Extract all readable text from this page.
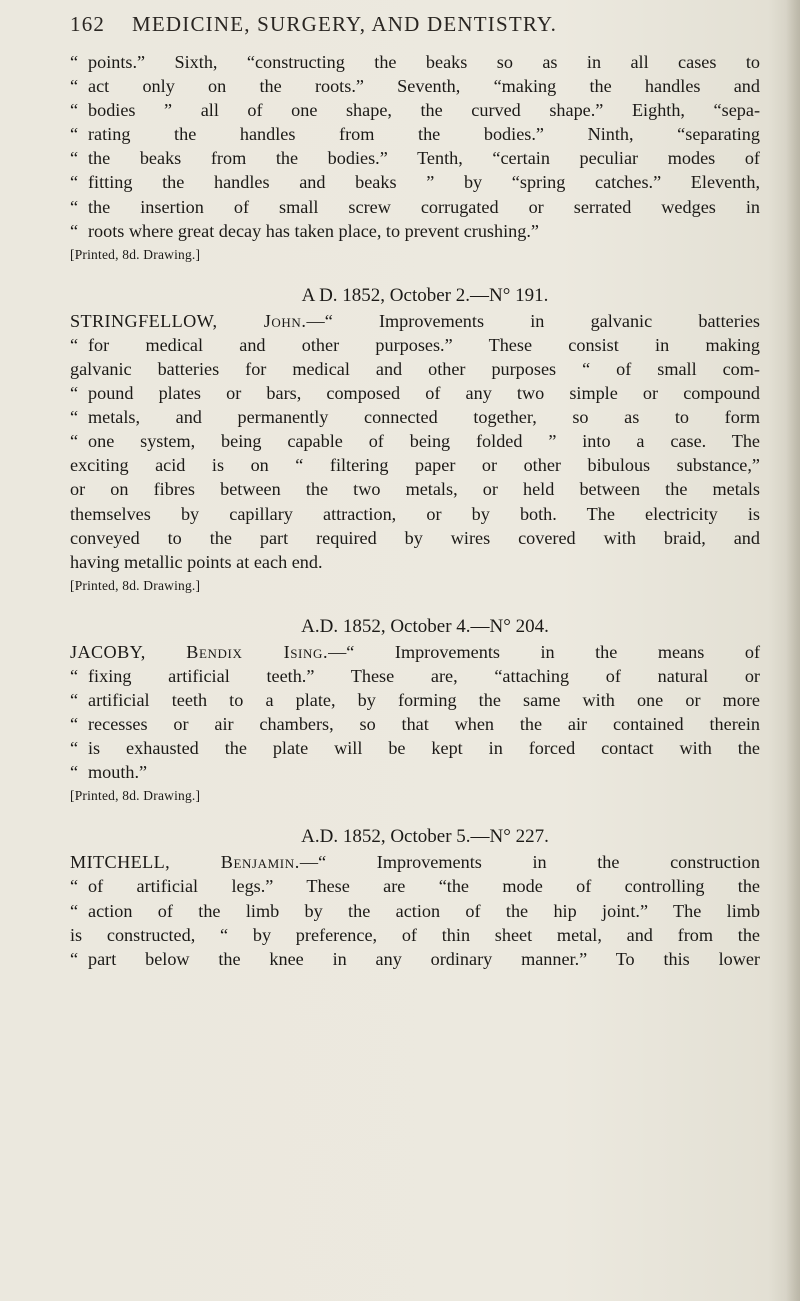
162 MEDICINE, SURGERY, AND DENTISTRY.
“ points.” Sixth, “constructing the beaks so as in all cases to
“ act only on the roots.” Seventh, “making the handles and
“ bodies ” all of one shape, the curved shape.” Eighth, “sepa-
“ rating the handles from the bodies.” Ninth, “separating
“ the beaks from the bodies.” Tenth, “certain peculiar modes of
“ fitting the handles and beaks ” by “spring catches.” Eleventh,
“ the insertion of small screw corrugated or serrated wedges in
“ roots where great decay has taken place, to prevent crushing.”
[Printed, 8d. Drawing.]
A D. 1852, October 2.—N° 191.
STRINGFELLOW,	John.—“ Improvements in galvanic batteries
“ for medical and other purposes.” These consist in making
galvanic batteries for medical and other purposes “ of small com-
“ pound plates or bars, composed of any two simple or compound
“ metals, and permanently connected together, so as to form
“ one system, being capable of being folded ” into a case. The
exciting acid is on “ filtering paper or other bibulous substance,”
or on fibres between the two metals, or held between the metals
themselves by capillary attraction, or by both. The electricity is
conveyed to the part required by wires covered with braid, and
having metallic points at each end.
[Printed, 8d. Drawing.]
A.D. 1852, October 4.—N° 204.
JACOBY, Bendix Ising.—“ Improvements in the means of
“ fixing artificial teeth.” These are, “attaching of natural or
“ artificial teeth to a plate, by forming the same with one or more
“ recesses or air chambers, so that when the air contained therein
“ is exhausted the plate will be kept in forced contact with the
“ mouth.”
[Printed, 8d. Drawing.]
A.D. 1852, October 5.—N° 227.
MITCHELL,	Benjamin.—“ Improvements in the construction
“ of artificial legs.” These are “the mode of controlling the
“ action of the limb by the action of the hip joint.” The limb
is constructed, “ by preference, of thin sheet metal, and from the
“ part below the knee in any ordinary manner.” To this lower
